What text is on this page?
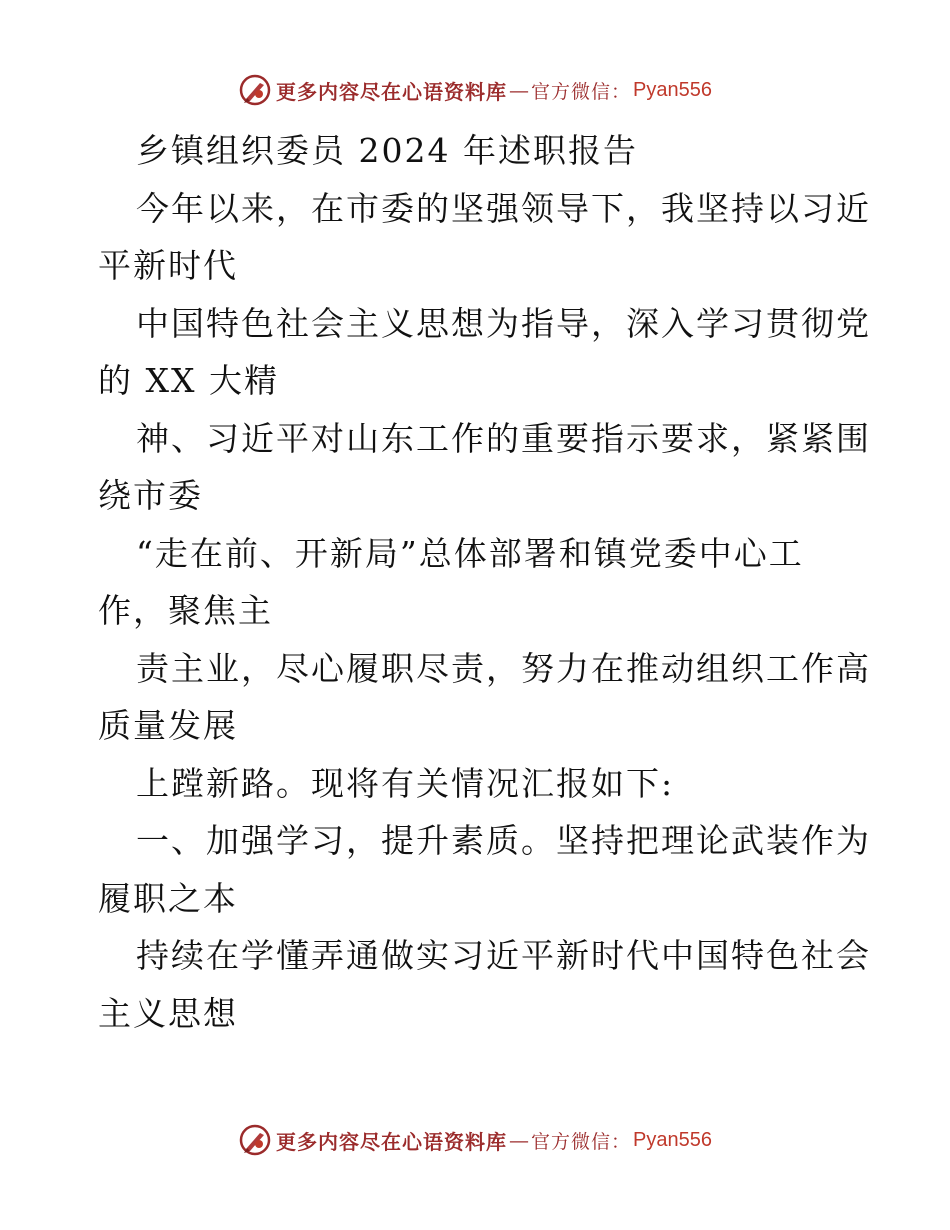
更多内容尽在心语资料库 — 官方微信： Pyan556
乡镇组织委员 2024 年述职报告
今年以来，在市委的坚强领导下，我坚持以习近
平新时代
中国特色社会主义思想为指导，深入学习贯彻党
的 XX 大精
神、习近平对山东工作的重要指示要求，紧紧围
绕市委
“走在前、开新局”总体部署和镇党委中心工
作，聚焦主
责主业，尽心履职尽责，努力在推动组织工作高
质量发展
上蹚新路。现将有关情况汇报如下:
一、加强学习，提升素质。坚持把理论武装作为
履职之本
持续在学懂弄通做实习近平新时代中国特色社会
主义思想
更多内容尽在心语资料库 — 官方微信： Pyan556
